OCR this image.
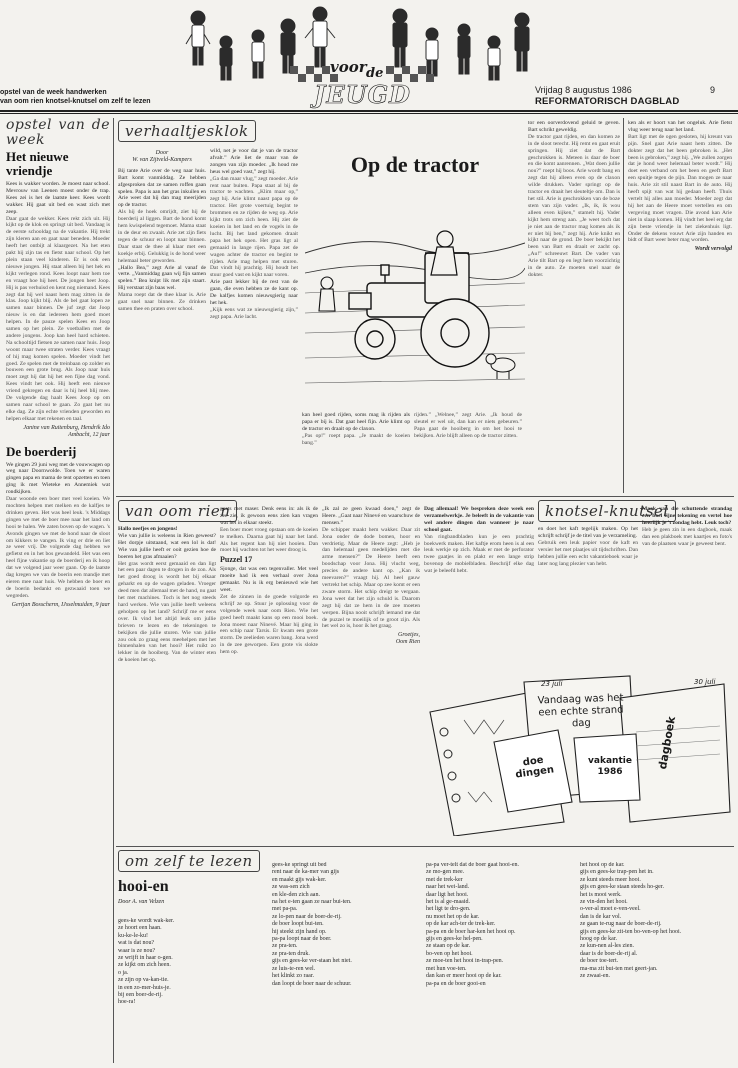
voor de
JEUGD
opstel van de week handwerken
van oom rien knotsel-knutsel om zelf te lezen
Vrijdag 8 augustus 1986	9
REFORMATORISCH DAGBLAD
opstel van de week
Het nieuwe vriendje

Kees is wakker worden. Je moest naar school. Mevrouw van Leenen moest onder de trap. Kees zei is het de laatste keer. Kees wordt wakker. Hij gaat uit bed en wast zich met zeep.

Daar gaat de wekker. Kees rekt zich uit. Hij kijkt op de klok en springt uit bed. Vandaag is de eerste schooldag na de vakantie. Hij trekt zijn kleren aan en gaat naar beneden. Moeder heeft het ontbijt al klaargezet. Na het eten pakt hij zijn tas en fietst naar school. Op het plein staan veel kinderen. Er is ook een nieuwe jongen. Hij staat alleen bij het hek en kijkt verlegen rond. Kees loopt naar hem toe en vraagt hoe hij heet. De jongen heet Joop. Hij is pas verhuisd en kent nog niemand. Kees zegt dat hij wel naast hem mag zitten in de klas. Joop kijkt blij. Als de bel gaat lopen ze samen naar binnen. De juf zegt dat Joop nieuw is en dat iedereen hem goed moet helpen. In de pauze spelen Kees en Joop samen op het plein. Ze voetballen met de andere jongens. Joop kan heel hard schieten. Na schooltijd fietsen ze samen naar huis. Joop woont maar twee straten verder. Kees vraagt of hij mag komen spelen. Moeder vindt het goed. Ze spelen met de treinbaan op zolder en bouwen een grote brug. Als Joop naar huis moet zegt hij dat hij het een fijne dag vond. Kees vindt het ook. Hij heeft een nieuwe vriend gekregen en daar is hij heel blij mee. De volgende dag haalt Kees Joop op om samen naar school te gaan. Zo gaat het nu elke dag. Ze zijn echte vrienden geworden en helpen elkaar met rekenen en taal.

Janine van Ruitenburg, Hendrik Ido Ambacht, 12 jaar

De boerderij

We gingen 29 juni weg met de vouwwagen op weg naar Doornwolde. Toen we er waren gingen papa en mama de tent opzetten en toen ging ik met Wieteke en Annemiek wat rondkijken.

Daar woonde een boer met veel koeien. We mochten helpen met melken en de kalfjes te drinken geven. Het was heel leuk. 's Middags gingen we met de boer mee naar het land om hooi te halen. We zaten boven op de wagen. 's Avonds gingen we met de hond naar de sloot om kikkers te vangen. Ik ving er drie en liet ze weer vrij. De volgende dag hebben we gefietst en in het bos gewandeld. Het was een heel fijne vakantie op de boerderij en ik hoop dat we volgend jaar weer gaan. Op de laatste dag kregen we van de boerin een mandje met eieren mee naar huis. We hebben de boer en de boerin bedankt en gezwaaid toen we wegreden.

Gertjan Bosscherm, IJsselmuiden, 9 jaar

verhaaltjesklok
Door
W. van Zijtveld-Kampers

Bij tante Arie over de weg naar huis. Bart komt vanmiddag. Ze hebben afgesproken dat ze samen roffen gaan spelen. Papa is aan het gras inkuilen en Arie weet dat hij dan mag meerijden op de tractor.

Als hij de hoek omrijdt, ziet hij de boerderij al liggen. Bart de hond komt hem kwispelend tegemoet. Mama staat in de deur en zwaait. Arie zet zijn fiets tegen de schuur en loopt naar binnen. Daar staat de thee al klaar met een koekje erbij. Gelukkig is de hond weer helemaal beter geworden.

„Hallo Bea,” zegt Arie al vanaf de verte. „Vanmiddag gaan wij fijn samen spelen.” Bea knipt lik met zijn staart. Hij verstaat zijn baas wel.

Mama roept dat de thee klaar is. Arie gaat snel naar binnen. Ze drinken samen thee en praten over school.

wild, net je voor dat je van de tractor afvalt.” Arie liet de maar van de zongen van zijn moeder. „Ik houd me heus wel goed vast,” zegt hij.

„Ga dan maar vlug,” zegt moeder. Arie rent naar buiten. Papa staat al bij de tractor te wachten. „Klim maar op,” zegt hij. Arie klimt naast papa op de tractor. Het grote voertuig begint te brommen en ze rijden de weg op. Arie kijkt trots om zich heen. Hij ziet de koeien in het land en de vogels in de lucht. Bij het land gekomen draait papa het hek open. Het gras ligt al gemaaid in lange rijen. Papa zet de wagen achter de tractor en begint te rijden. Arie mag helpen met sturen. Dat vindt hij prachtig. Hij houdt het stuur goed vast en kijkt naar voren.

Arie past lekker bij de rest van de gaan, die even hebben ze de kant op. De kalfjes komen nieuwsgierig naar het hek.

„Kijk eens wat ze nieuwsgierig zijn,” zegt papa. Arie lacht.

Op de tractor

kan heel goed rijden, soms mag ik rijden als papa er bij is. Dat gaat heel fijn. Arie klimt op de tractor en draait op de claxon.

„Pas op!” roept papa. „Je maakt de koeien bang.”

rijden.” „Welnee,” zegt Arie. „Ik houd de sleutel er wel uit, dan kan er niets gebeuren.” Papa gaat de hooiberg in om het hooi te bekijken. Arie blijft alleen op de tractor zitten.

tor een oorverdovend geluid te geven. Bart schrikt geweldig.

De tractor gaat rijden, en dan komen ze in de sloot terecht. Hij remt en gaat eruit springen. Hij ziet dat de Bart geschrokken is. Meteen is daar de boer en die komt aanrennen. „Wat doen jullie nou?” roept hij boos. Arie wordt bang en zegt dat hij alleen even op de claxon wilde drukken. Vader springt op de tractor en draait het sleuteltje om. Dan is het stil. Arie is geschrokken van de boze stem van zijn vader. „Ik, ik, ik wou alleen even kijken,” stamelt hij. Vader kijkt hem streng aan. „Je weet toch dat je niet aan de tractor mag komen als ik er niet bij ben,” zegt hij. Arie knikt en kijkt naar de grond. De boer bekijkt het been van Bart en draait er zacht op. „Au!” schreeuwt Bart. De vader van Arie tilt Bart op en legt hem voorzichtig in de auto. Ze moeten snel naar de dokter.

ken als er hoort van het ongeluk. Arie fietst vlug weer terug naar het land.

Bart ligt met de ogen gesloten, hij kreunt van pijn. Snel gaat Arie naast hem zitten. De dokter zegt dat het been gebroken is. „Het been is gebroken,” zegt hij. „We zullen zorgen dat je hond weer helemaal beter wordt.” Hij doet een verband om het been en geeft Bart een spuitje tegen de pijn. Dan mogen ze naar huis. Arie zit stil naast Bart in de auto. Hij heeft spijt van wat hij gedaan heeft. Thuis vertelt hij alles aan moeder. Moeder zegt dat hij het aan de Heere moet vertellen en om vergeving moet vragen. Die avond kan Arie niet in slaap komen. Hij vindt het heel erg dat zijn beste vriendje in het ziekenhuis ligt. Onder de dekens vouwt Arie zijn handen en bidt of Bart weer beter mag worden.

Wordt vervolgd

van oom rien

Hallo neefjes en jongens!

Wie van jullie is weleens in Rien geweest? Het dorpje uitstaand, wat een lol is dat! Wie van jullie heeft er ooit gezien hoe de boeren het gras afmaaien?

Het gras wordt eerst gemaaid en dan ligt het een paar dagen te drogen in de zon. Als het goed droog is wordt het bij elkaar geharkt en op de wagen geladen. Vroeger deed men dat allemaal met de hand, nu gaat het met machines. Toch is het nog steeds hard werken. Wie van jullie heeft weleens geholpen op het land? Schrijf me er eens over. Ik vind het altijd leuk om jullie brieven te lezen en de tekeningen te bekijken die jullie sturen. Wie van jullie zou ook zo graag eens meehelpen met het binnenhalen van het hooi? Het ruikt zo lekker in de hooiberg. Van de winter eten de koeien het op.

gaats met maser. Denk eens in: als ik de zee zie, ik gewoon eens zien kan vragen wat het in elkaar steekt.

Een boer moet vroeg opstaan om de koeien te melken. Daarna gaat hij naar het land. Als het regent kan hij niet hooien. Dan moet hij wachten tot het weer droog is.

Puzzel 17

Sjonge, dat was een tegenvaller. Met veel moeite had ik een verhaal over Jona gemaakt. Nu is ik erg benieuwd wie het weet.

Zet de zinnen in de goede volgorde en schrijf ze op. Stuur je oplossing voor de volgende week naar oom Rien. Wie het goed heeft maakt kans op een mooi boek. Jona moest naar Ninevé. Maar hij ging in een schip naar Tarsis. Er kwam een grote storm. De zeelieden waren bang. Jona werd in de zee geworpen. Een grote vis slokte hem op.

„Ik zal ze geen kwaad doen,” zegt de Heere. „Gaat naar Ninevé en waarschuw de mensen.”

De schipper maakt hem wakker. Daar zit Jona onder de dode bomen, hoor en verdrietig. Maar de Heere zegt: „Heb je dan helemaal geen medelijden met die arme mensen?” De Heere heeft een boodschap voor Jona. Hij vlucht weg, precies de andere kant op. „Kan ik meevaren?” vraagt hij. Al heel gauw vertrekt het schip. Maar op zee komt er een zware storm. Het schip dreigt te vergaan. Jona weet dat het zijn schuld is. Daarom zegt hij dat ze hem in de zee moeten werpen. Bijna nooit schrijft iemand me dat de puzzel te moeilijk of te groot zijn. Als het wel zo is, hoor ik het graag.

Groetjes,
Oom Rien

Dag allemaal! We bespreken deze week een verzamelwerkje. Je beleeft in de vakantie van wel andere dingen dan wanneer je naar school gaat.

Van ringbandbladen kun je een prachtig boekwerk maken. Het kaftje erom heen is al een leuk werkje op zich. Maak er met de perforator twee gaatjes in en plakt er een lange strip bovenop de mobielbladen. Beschrijf elke dag wat je beleefd hebt.

knotsel-knutsel

en doet het kaft tegelijk maken. Op het schrijft schrijf je de titel van je verzameling.

Gebruik een leuk papier voor de kaft en versier het met plaatjes uit tijdschriften. Dan hebben jullie een echt vakantieboek waar je later nog lang plezier van hebt.

Maak van die schuttende strandag een boel fijne tekening en vertel hoe heerlijk je 't zondag hebt. Leuk toch?

Heb je geen zin in een dagboek, maak dan een plakboek met kaartjes en foto's van de plaatsen waar je geweest bent.

23 juli	30 juli
Vandaag was het een echte strand dag
doe dingen
vakantie 1986
dagboek
om zelf te lezen
hooi-en
Door A. van Velzen
gees-ke wordt wak-ker.
ze hoort een haan.
ku-ke-le-ku!
wat is dat nou?
waar is ze nou?
ze wrijft in haar o-gen.
ze kijkt om zich heen.
o ja.
ze zijn op va-kan-tie.
in een zo-mer-huis-je.
bij een boer-de-rij.
hoe-ra!
gees-ke springt uit bed
rent naar de ka-mer van gijs
en maakt gijs wak-ker.
ze was-sen zich
en kle-den zich aan.
na het e-ten gaan ze naar bui-ten.
met pa-pa.
ze lo-pen naar de boer-de-rij.
de boer loopt bui-ten.
hij steekt zijn hand op.
pa-pa loopt naar de boer.
ze pra-ten.
ze pra-ten druk.
gijs en gees-ke ver-staan het niet.
ze luis-te-ren wel.
het klinkt zo raar.
dan loopt de boer naar de schuur.
pa-pa ver-telt dat de boer gaat hooi-en.
ze mo-gen mee.
met de trek-ker
naar het wei-land.
daar ligt het hooi.
het is al ge-maaid.
het ligt te dro-gen.
nu moet het op de kar.
op de kar ach-ter de trek-ker.
pa-pa en de boer har-ken het hooi op.
gijs en gees-ke hel-pen.
ze staan op de kar.
bo-ven op het hooi.
ze moe-ten het hooi in-trap-pen.
met hun voe-ten.
dan kan er meer hooi op de kar.
pa-pa en de boer gooi-en
het hooi op de kar.
gijs en gees-ke trap-pen het in.
ze kunt steeds meer hooi.
gijs en gees-ke staan steeds ho-ger.
het is mooi werk.
ze vin-den het hooi.
o-ver-al moet e-ven-veel.
dan is de kar vol.
ze gaan te-rug naar de boer-de-rij.
gijs en gees-ke zit-ten bo-ven-op het hooi.
hoog op de kar.
ze kun-nen al-les zien.
daar is de boer-de-rij al.
de boer toe-tert.
ma-ma zit bui-ten met geert-jan.
ze zwaai-en.
